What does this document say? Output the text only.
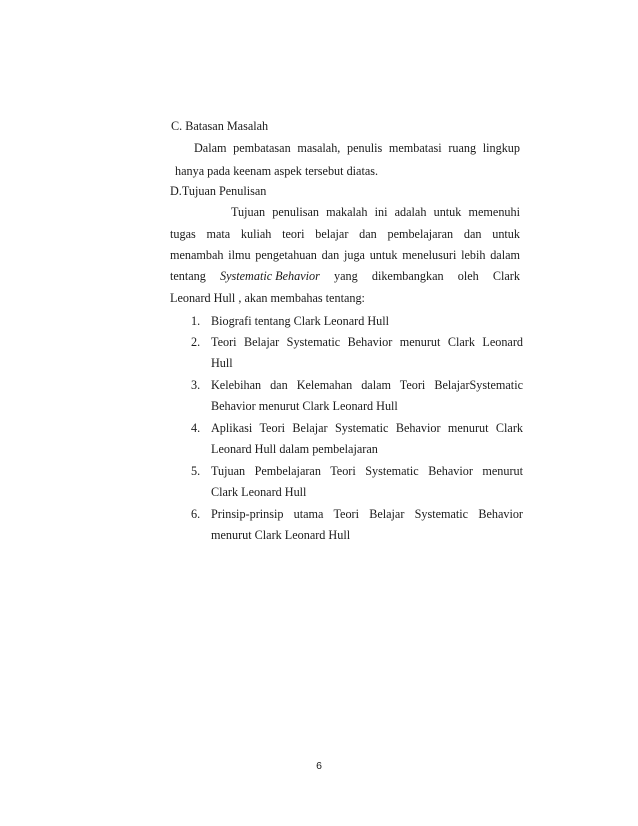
C. Batasan Masalah
Dalam pembatasan masalah, penulis membatasi ruang lingkup
hanya pada keenam aspek tersebut diatas.
D.Tujuan Penulisan
Tujuan penulisan makalah ini adalah untuk memenuhi
tugas mata kuliah teori belajar dan pembelajaran dan untuk
menambah ilmu pengetahuan dan juga untuk menelusuri lebih dalam
tentang Systematic Behavior yang dikembangkan oleh Clark
Leonard Hull , akan membahas tentang:
1. Biografi tentang Clark Leonard Hull
2. Teori Belajar Systematic Behavior menurut Clark Leonard
Hull
3. Kelebihan dan Kelemahan dalam Teori BelajarSystematic
Behavior menurut Clark Leonard Hull
4. Aplikasi Teori Belajar Systematic Behavior menurut Clark
Leonard Hull dalam pembelajaran
5. Tujuan Pembelajaran Teori Systematic Behavior menurut
Clark Leonard Hull
6. Prinsip-prinsip utama Teori Belajar Systematic Behavior
menurut Clark Leonard Hull
6
